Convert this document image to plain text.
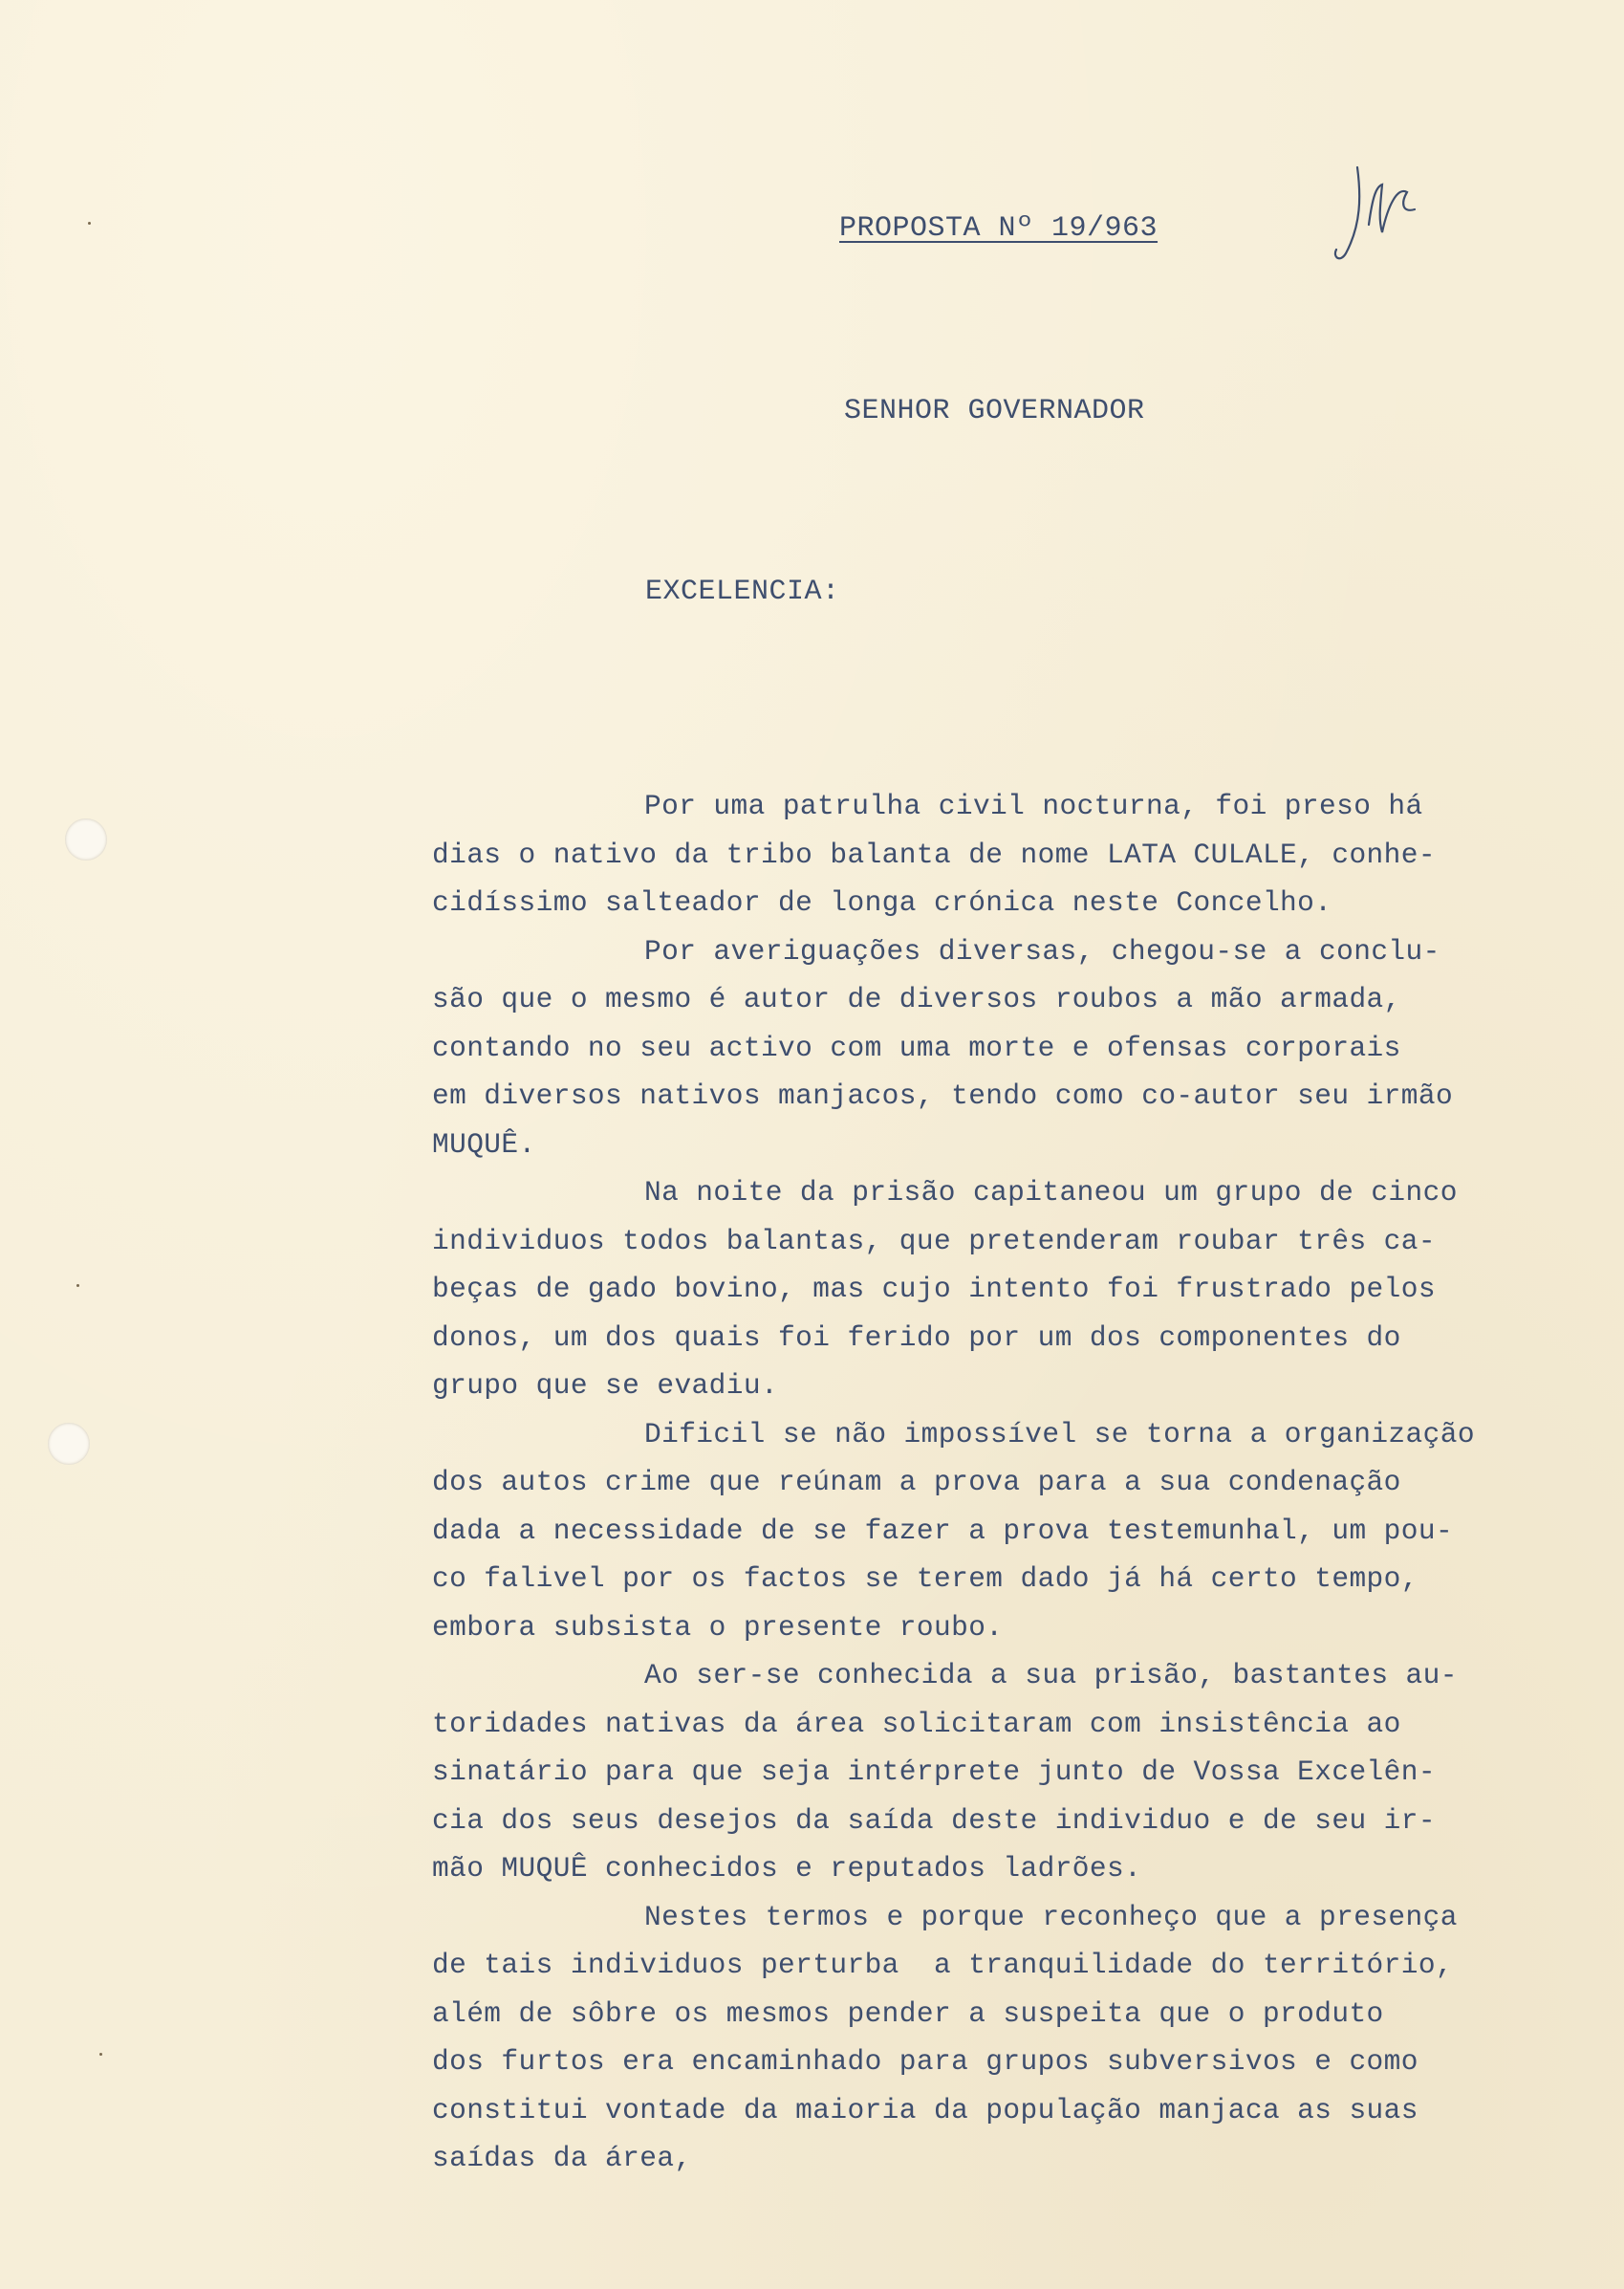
PROPOSTA Nº 19/963
SENHOR GOVERNADOR
EXCELENCIA:
Por uma patrulha civil nocturna, foi preso há
dias o nativo da tribo balanta de nome LATA CULALE, conhe-
cidíssimo salteador de longa crónica neste Concelho.
Por averiguações diversas, chegou-se a conclu-
são que o mesmo é autor de diversos roubos a mão armada,
contando no seu activo com uma morte e ofensas corporais
em diversos nativos manjacos, tendo como co-autor seu irmão
MUQUÊ.
Na noite da prisão capitaneou um grupo de cinco
individuos todos balantas, que pretenderam roubar três ca-
beças de gado bovino, mas cujo intento foi frustrado pelos
donos, um dos quais foi ferido por um dos componentes do
grupo que se evadiu.
Dificil se não impossível se torna a organização
dos autos crime que reúnam a prova para a sua condenação
dada a necessidade de se fazer a prova testemunhal, um pou-
co falivel por os factos se terem dado já há certo tempo,
embora subsista o presente roubo.
Ao ser-se conhecida a sua prisão, bastantes au-
toridades nativas da área solicitaram com insistência ao
sinatário para que seja intérprete junto de Vossa Excelên-
cia dos seus desejos da saída deste individuo e de seu ir-
mão MUQUÊ conhecidos e reputados ladrões.
Nestes termos e porque reconheço que a presença
de tais individuos perturba  a tranquilidade do território,
além de sôbre os mesmos pender a suspeita que o produto
dos furtos era encaminhado para grupos subversivos e como
constitui vontade da maioria da população manjaca as suas
saídas da área,
